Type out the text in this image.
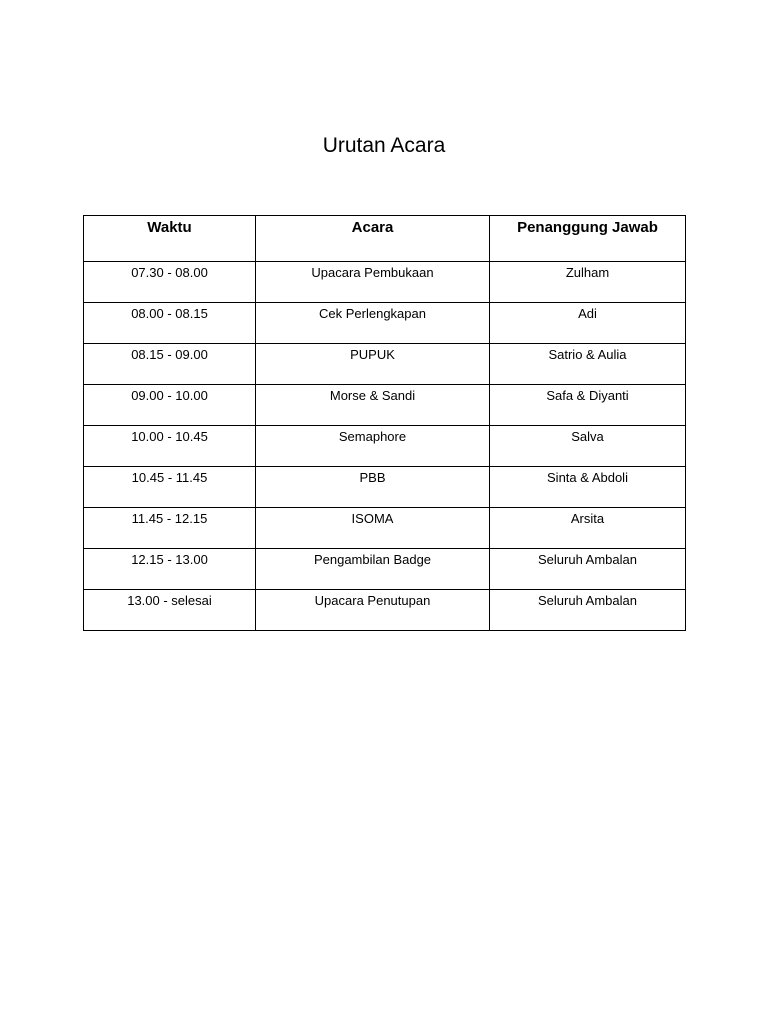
Urutan Acara
Waktu	Acara	Penanggung Jawab
07.30 - 08.00	Upacara Pembukaan	Zulham
08.00 - 08.15	Cek Perlengkapan	Adi
08.15 - 09.00	PUPUK	Satrio & Aulia
09.00 - 10.00	Morse & Sandi	Safa & Diyanti
10.00 - 10.45	Semaphore	Salva
10.45 - 11.45	PBB	Sinta & Abdoli
11.45 - 12.15	ISOMA	Arsita
12.15 - 13.00	Pengambilan Badge	Seluruh Ambalan
13.00 - selesai	Upacara Penutupan	Seluruh Ambalan
